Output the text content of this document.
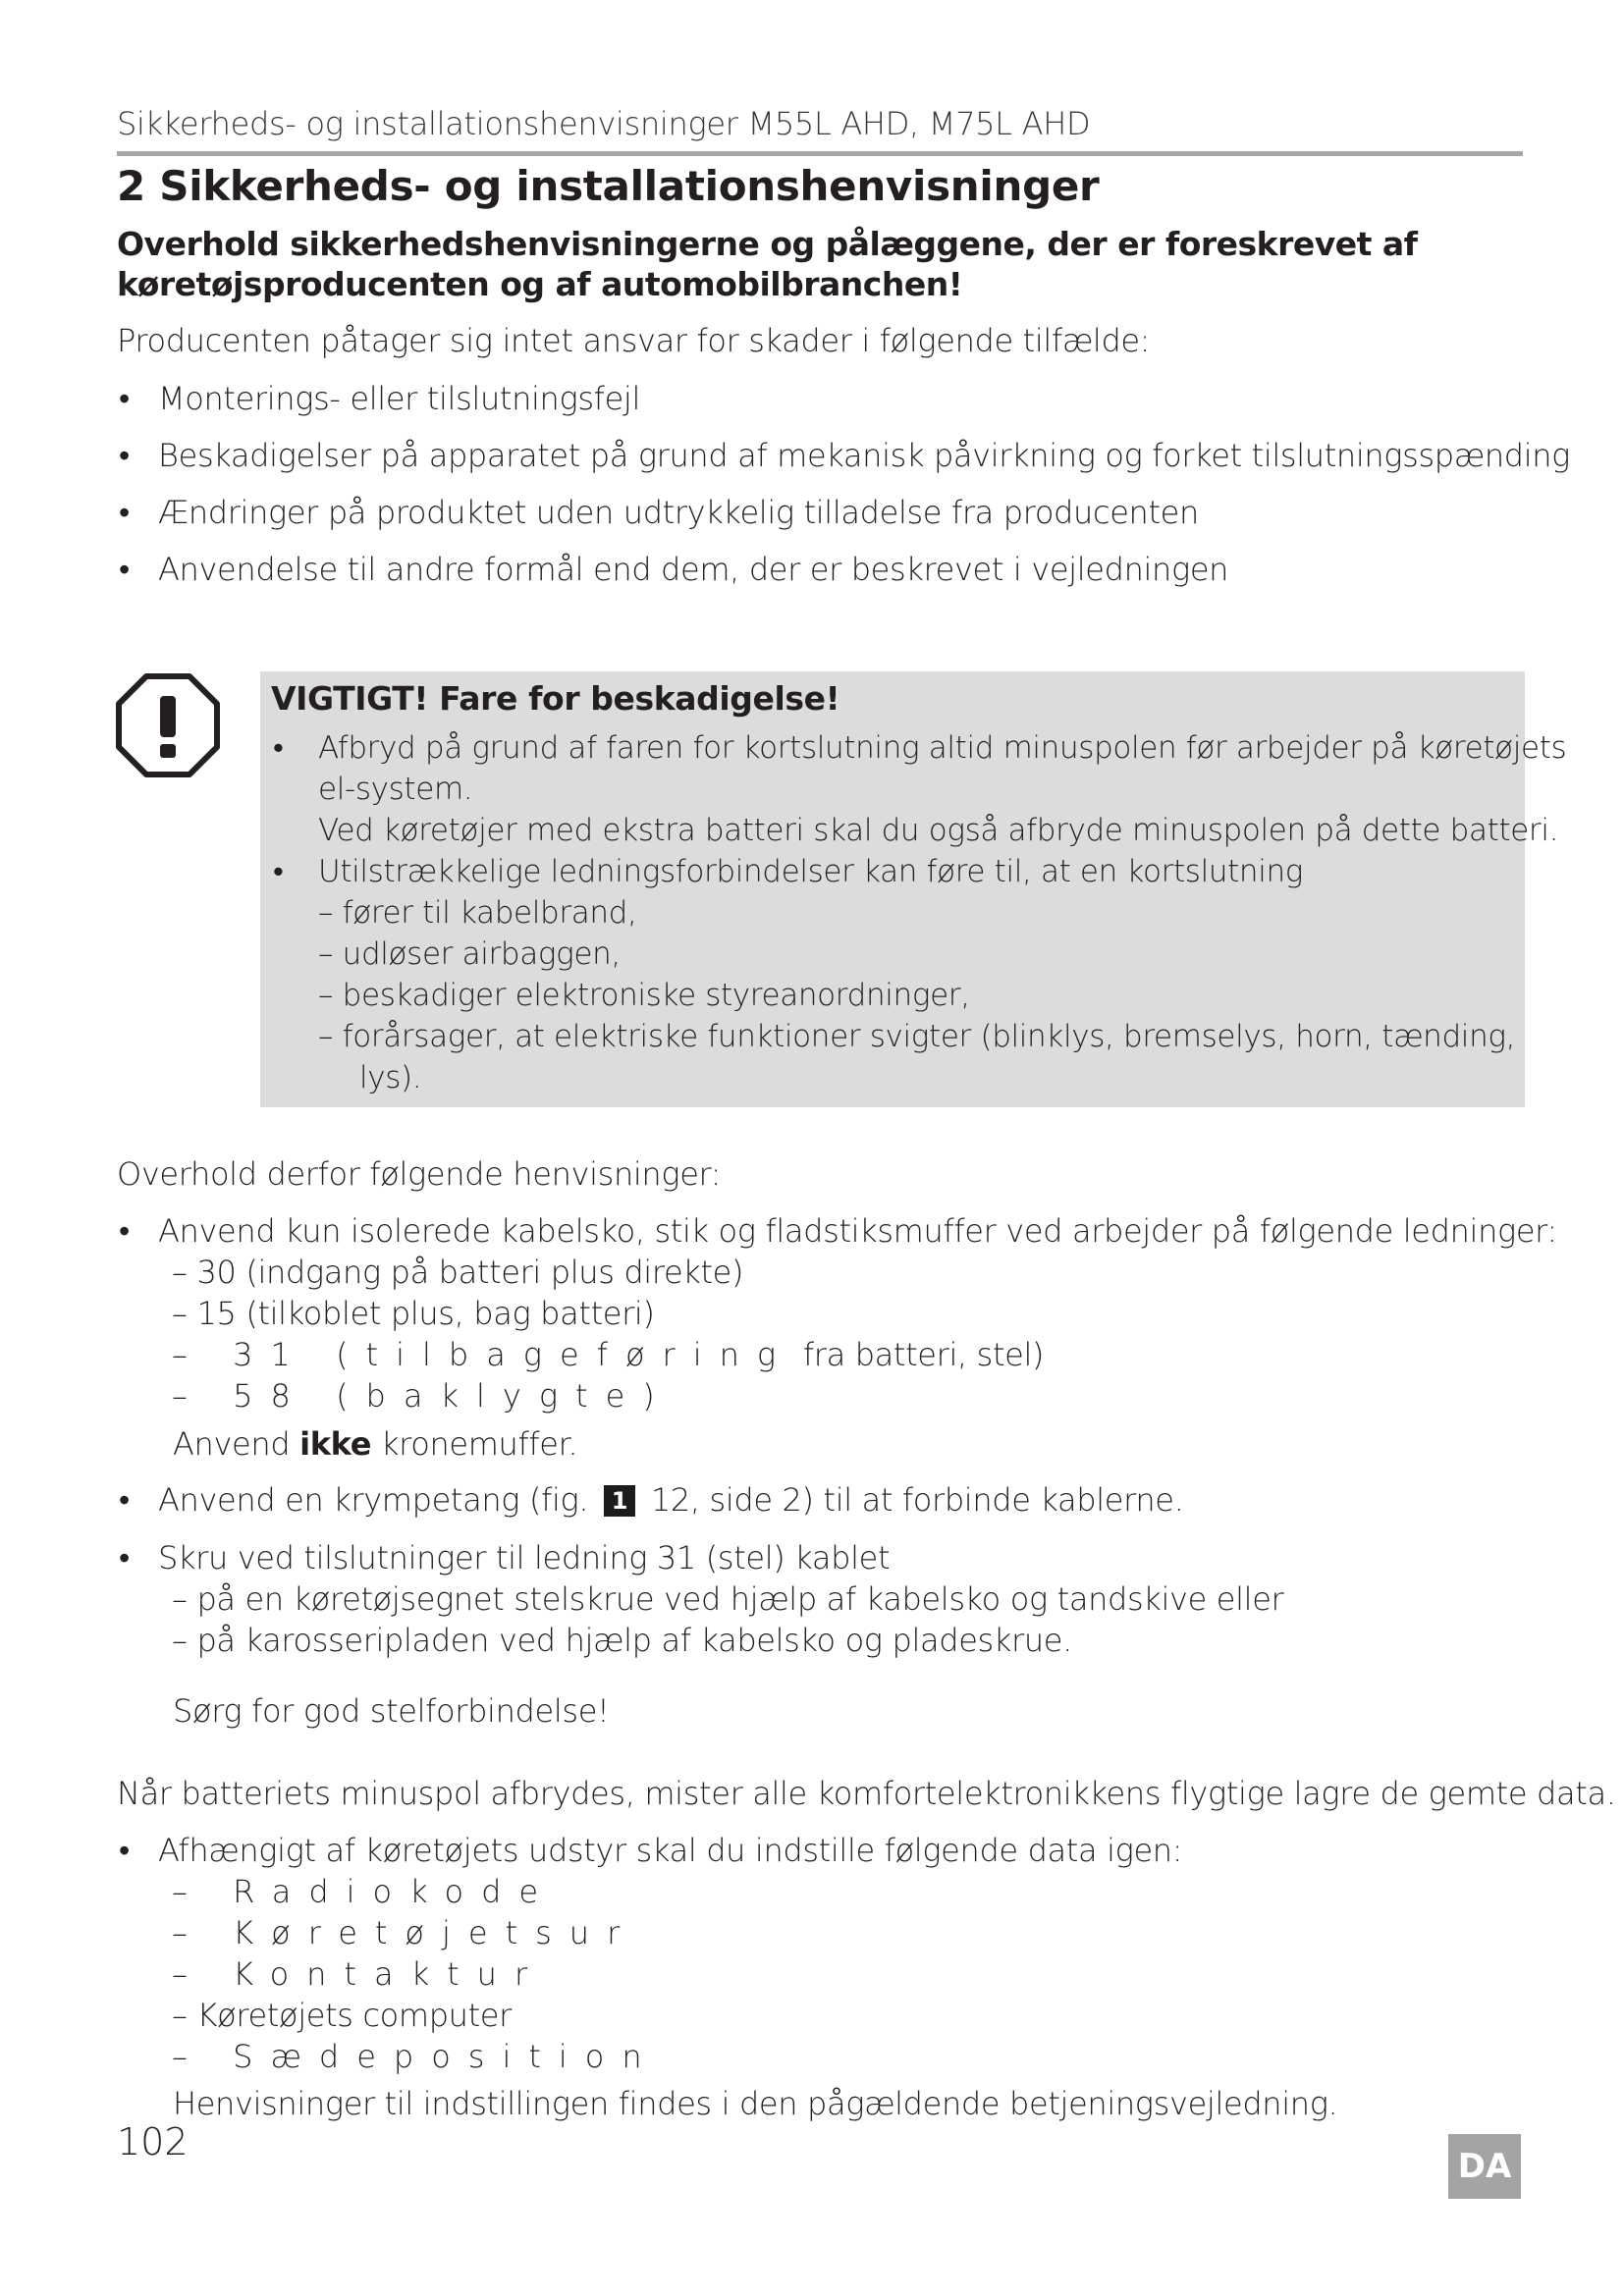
Sikkerheds- og installationshenvisninger M55L AHD, M75L AHD
2 Sikkerheds- og installationshenvisninger
Overhold sikkerhedshenvisningerne og pålæggene, der er foreskrevet af
køretøjsproducenten og af automobilbranchen!

Producenten påtager sig intet ansvar for skader i følgende tilfælde:

• Monterings- eller tilslutningsfejl
• Beskadigelser på apparatet på grund af mekanisk påvirkning og forket tilslutningsspænding
• Ændringer på produktet uden udtrykkelig tilladelse fra producenten
• Anvendelse til andre formål end dem, der er beskrevet i vejledningen
VIGTIGT! Fare for beskadigelse!
• Afbryd på grund af faren for kortslutning altid minuspolen før arbejder på køretøjets
el-system.
Ved køretøjer med ekstra batteri skal du også afbryde minuspolen på dette batteri.
• Utilstrækkelige ledningsforbindelser kan føre til, at en kortslutning
– fører til kabelbrand,
– udløser airbaggen,
– beskadiger elektroniske styreanordninger,
– forårsager, at elektriske funktioner svigter (blinklys, bremselys, horn, tænding,
lys).

Overhold derfor følgende henvisninger:

• Anvend kun isolerede kabelsko, stik og fladstiksmuffer ved arbejder på følgende ledninger:
– 30 (indgang på batteri plus direkte)
– 15 (tilkoblet plus, bag batteri)
– 31 (tilbageføring fra batteri, stel)
– 58 (baklygte)
Anvend ikke kronemuffer.
• Anvend en krympetang (fig. 1 12, side 2) til at forbinde kablerne.
• Skru ved tilslutninger til ledning 31 (stel) kablet
– på en køretøjsegnet stelskrue ved hjælp af kabelsko og tandskive eller
– på karosseripladen ved hjælp af kabelsko og pladeskrue.

Sørg for god stelforbindelse!

Når batteriets minuspol afbrydes, mister alle komfortelektronikkens flygtige lagre de gemte data.

• Afhængigt af køretøjets udstyr skal du indstille følgende data igen:
– Radiokode
– Køretøjetsur
– Kontaktur
– Køretøjets computer
– Sædeposition

Henvisninger til indstillingen findes i den pågældende betjeningsvejledning.

102
DA
